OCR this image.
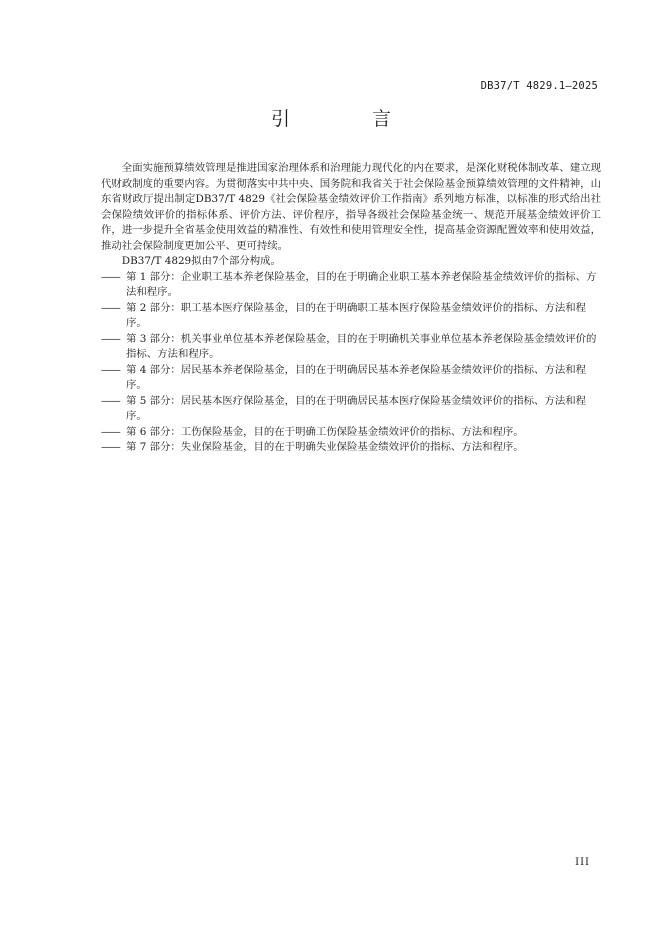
DB37/T 4829.1—2025
引 言

全面实施预算绩效管理是推进国家治理体系和治理能力现代化的内在要求，是深化财税体制改革、建立现代财政制度的重要内容。为贯彻落实中共中央、国务院和我省关于社会保险基金预算绩效管理的文件精神，山东省财政厅提出制定DB37/T 4829《社会保险基金绩效评价工作指南》系列地方标准，以标准的形式给出社会保险绩效评价的指标体系、评价方法、评价程序，指导各级社会保险基金统一、规范开展基金绩效评价工作，进一步提升全省基金使用效益的精准性、有效性和使用管理安全性，提高基金资源配置效率和使用效益，推动社会保险制度更加公平、更可持续。

DB37/T 4829拟由7个部分构成。

—— 第 1 部分：企业职工基本养老保险基金，目的在于明确企业职工基本养老保险基金绩效评价的指标、方法和程序。
—— 第 2 部分：职工基本医疗保险基金，目的在于明确职工基本医疗保险基金绩效评价的指标、方法和程序。
—— 第 3 部分：机关事业单位基本养老保险基金，目的在于明确机关事业单位基本养老保险基金绩效评价的指标、方法和程序。
—— 第 4 部分：居民基本养老保险基金，目的在于明确居民基本养老保险基金绩效评价的指标、方法和程序。
—— 第 5 部分：居民基本医疗保险基金，目的在于明确居民基本医疗保险基金绩效评价的指标、方法和程序。
—— 第 6 部分：工伤保险基金，目的在于明确工伤保险基金绩效评价的指标、方法和程序。
—— 第 7 部分：失业保险基金，目的在于明确失业保险基金绩效评价的指标、方法和程序。
III
